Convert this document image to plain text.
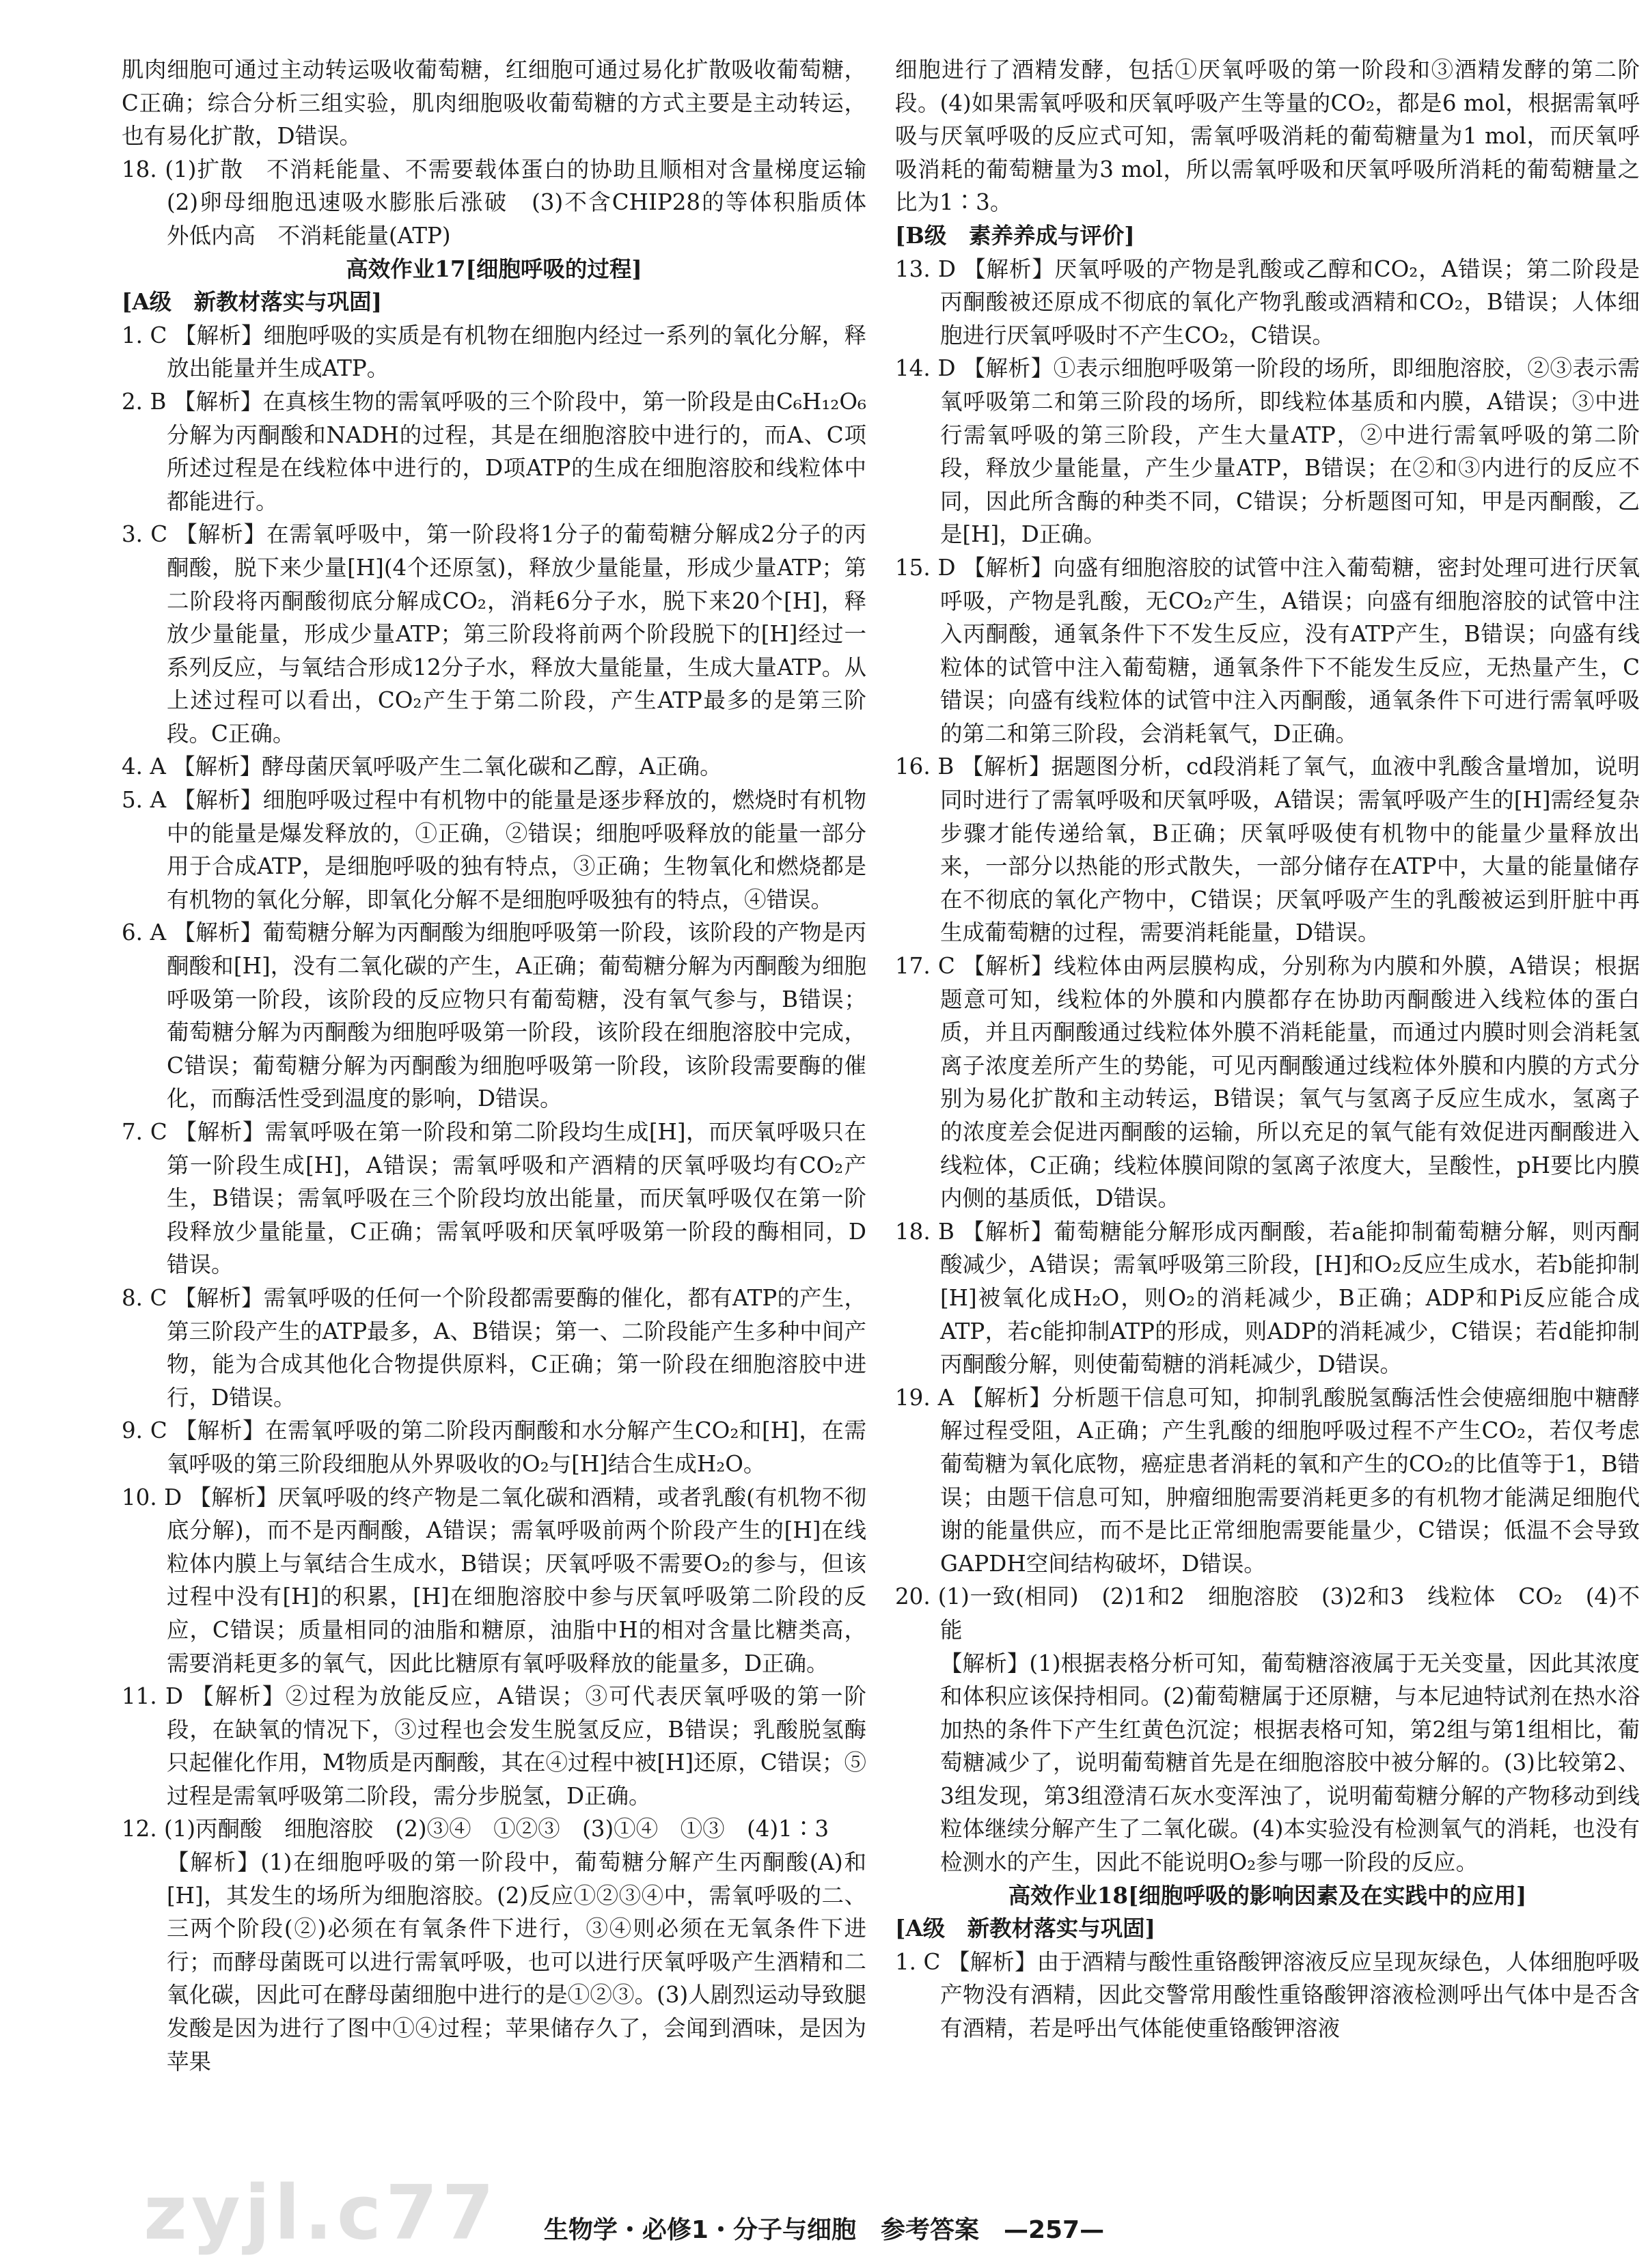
肌肉细胞可通过主动转运吸收葡萄糖，红细胞可通过易化扩散吸收葡萄糖，C正确；综合分析三组实验，肌肉细胞吸收葡萄糖的方式主要是主动转运，也有易化扩散，D错误。

18. (1)扩散　不消耗能量、不需要载体蛋白的协助且顺相对含量梯度运输　(2)卵母细胞迅速吸水膨胀后涨破　(3)不含CHIP28的等体积脂质体　外低内高　不消耗能量(ATP)

高效作业17[细胞呼吸的过程]

[A级　新教材落实与巩固]

1. C 【解析】细胞呼吸的实质是有机物在细胞内经过一系列的氧化分解，释放出能量并生成ATP。

2. B 【解析】在真核生物的需氧呼吸的三个阶段中，第一阶段是由C₆H₁₂O₆分解为丙酮酸和NADH的过程，其是在细胞溶胶中进行的，而A、C项所述过程是在线粒体中进行的，D项ATP的生成在细胞溶胶和线粒体中都能进行。

3. C 【解析】在需氧呼吸中，第一阶段将1分子的葡萄糖分解成2分子的丙酮酸，脱下来少量[H](4个还原氢)，释放少量能量，形成少量ATP；第二阶段将丙酮酸彻底分解成CO₂，消耗6分子水，脱下来20个[H]，释放少量能量，形成少量ATP；第三阶段将前两个阶段脱下的[H]经过一系列反应，与氧结合形成12分子水，释放大量能量，生成大量ATP。从上述过程可以看出，CO₂产生于第二阶段，产生ATP最多的是第三阶段。C正确。

4. A 【解析】酵母菌厌氧呼吸产生二氧化碳和乙醇，A正确。

5. A 【解析】细胞呼吸过程中有机物中的能量是逐步释放的，燃烧时有机物中的能量是爆发释放的，①正确，②错误；细胞呼吸释放的能量一部分用于合成ATP，是细胞呼吸的独有特点，③正确；生物氧化和燃烧都是有机物的氧化分解，即氧化分解不是细胞呼吸独有的特点，④错误。

6. A 【解析】葡萄糖分解为丙酮酸为细胞呼吸第一阶段，该阶段的产物是丙酮酸和[H]，没有二氧化碳的产生，A正确；葡萄糖分解为丙酮酸为细胞呼吸第一阶段，该阶段的反应物只有葡萄糖，没有氧气参与，B错误；葡萄糖分解为丙酮酸为细胞呼吸第一阶段，该阶段在细胞溶胶中完成，C错误；葡萄糖分解为丙酮酸为细胞呼吸第一阶段，该阶段需要酶的催化，而酶活性受到温度的影响，D错误。

7. C 【解析】需氧呼吸在第一阶段和第二阶段均生成[H]，而厌氧呼吸只在第一阶段生成[H]，A错误；需氧呼吸和产酒精的厌氧呼吸均有CO₂产生，B错误；需氧呼吸在三个阶段均放出能量，而厌氧呼吸仅在第一阶段释放少量能量，C正确；需氧呼吸和厌氧呼吸第一阶段的酶相同，D错误。

8. C 【解析】需氧呼吸的任何一个阶段都需要酶的催化，都有ATP的产生，第三阶段产生的ATP最多，A、B错误；第一、二阶段能产生多种中间产物，能为合成其他化合物提供原料，C正确；第一阶段在细胞溶胶中进行，D错误。

9. C 【解析】在需氧呼吸的第二阶段丙酮酸和水分解产生CO₂和[H]，在需氧呼吸的第三阶段细胞从外界吸收的O₂与[H]结合生成H₂O。

10. D 【解析】厌氧呼吸的终产物是二氧化碳和酒精，或者乳酸(有机物不彻底分解)，而不是丙酮酸，A错误；需氧呼吸前两个阶段产生的[H]在线粒体内膜上与氧结合生成水，B错误；厌氧呼吸不需要O₂的参与，但该过程中没有[H]的积累，[H]在细胞溶胶中参与厌氧呼吸第二阶段的反应，C错误；质量相同的油脂和糖原，油脂中H的相对含量比糖类高，需要消耗更多的氧气，因此比糖原有氧呼吸释放的能量多，D正确。

11. D 【解析】②过程为放能反应，A错误；③可代表厌氧呼吸的第一阶段，在缺氧的情况下，③过程也会发生脱氢反应，B错误；乳酸脱氢酶只起催化作用，M物质是丙酮酸，其在④过程中被[H]还原，C错误；⑤过程是需氧呼吸第二阶段，需分步脱氢，D正确。

12. (1)丙酮酸　细胞溶胶　(2)③④　①②③　(3)①④　①③　(4)1∶3

【解析】(1)在细胞呼吸的第一阶段中，葡萄糖分解产生丙酮酸(A)和[H]，其发生的场所为细胞溶胶。(2)反应①②③④中，需氧呼吸的二、三两个阶段(②)必须在有氧条件下进行，③④则必须在无氧条件下进行；而酵母菌既可以进行需氧呼吸，也可以进行厌氧呼吸产生酒精和二氧化碳，因此可在酵母菌细胞中进行的是①②③。(3)人剧烈运动导致腿发酸是因为进行了图中①④过程；苹果储存久了，会闻到酒味，是因为苹果

细胞进行了酒精发酵，包括①厌氧呼吸的第一阶段和③酒精发酵的第二阶段。(4)如果需氧呼吸和厌氧呼吸产生等量的CO₂，都是6 mol，根据需氧呼吸与厌氧呼吸的反应式可知，需氧呼吸消耗的葡萄糖量为1 mol，而厌氧呼吸消耗的葡萄糖量为3 mol，所以需氧呼吸和厌氧呼吸所消耗的葡萄糖量之比为1∶3。

[B级　素养养成与评价]

13. D 【解析】厌氧呼吸的产物是乳酸或乙醇和CO₂，A错误；第二阶段是丙酮酸被还原成不彻底的氧化产物乳酸或酒精和CO₂，B错误；人体细胞进行厌氧呼吸时不产生CO₂，C错误。

14. D 【解析】①表示细胞呼吸第一阶段的场所，即细胞溶胶，②③表示需氧呼吸第二和第三阶段的场所，即线粒体基质和内膜，A错误；③中进行需氧呼吸的第三阶段，产生大量ATP，②中进行需氧呼吸的第二阶段，释放少量能量，产生少量ATP，B错误；在②和③内进行的反应不同，因此所含酶的种类不同，C错误；分析题图可知，甲是丙酮酸，乙是[H]，D正确。

15. D 【解析】向盛有细胞溶胶的试管中注入葡萄糖，密封处理可进行厌氧呼吸，产物是乳酸，无CO₂产生，A错误；向盛有细胞溶胶的试管中注入丙酮酸，通氧条件下不发生反应，没有ATP产生，B错误；向盛有线粒体的试管中注入葡萄糖，通氧条件下不能发生反应，无热量产生，C错误；向盛有线粒体的试管中注入丙酮酸，通氧条件下可进行需氧呼吸的第二和第三阶段，会消耗氧气，D正确。

16. B 【解析】据题图分析，cd段消耗了氧气，血液中乳酸含量增加，说明同时进行了需氧呼吸和厌氧呼吸，A错误；需氧呼吸产生的[H]需经复杂步骤才能传递给氧，B正确；厌氧呼吸使有机物中的能量少量释放出来，一部分以热能的形式散失，一部分储存在ATP中，大量的能量储存在不彻底的氧化产物中，C错误；厌氧呼吸产生的乳酸被运到肝脏中再生成葡萄糖的过程，需要消耗能量，D错误。

17. C 【解析】线粒体由两层膜构成，分别称为内膜和外膜，A错误；根据题意可知，线粒体的外膜和内膜都存在协助丙酮酸进入线粒体的蛋白质，并且丙酮酸通过线粒体外膜不消耗能量，而通过内膜时则会消耗氢离子浓度差所产生的势能，可见丙酮酸通过线粒体外膜和内膜的方式分别为易化扩散和主动转运，B错误；氧气与氢离子反应生成水，氢离子的浓度差会促进丙酮酸的运输，所以充足的氧气能有效促进丙酮酸进入线粒体，C正确；线粒体膜间隙的氢离子浓度大，呈酸性，pH要比内膜内侧的基质低，D错误。

18. B 【解析】葡萄糖能分解形成丙酮酸，若a能抑制葡萄糖分解，则丙酮酸减少，A错误；需氧呼吸第三阶段，[H]和O₂反应生成水，若b能抑制[H]被氧化成H₂O，则O₂的消耗减少，B正确；ADP和Pi反应能合成ATP，若c能抑制ATP的形成，则ADP的消耗减少，C错误；若d能抑制丙酮酸分解，则使葡萄糖的消耗减少，D错误。

19. A 【解析】分析题干信息可知，抑制乳酸脱氢酶活性会使癌细胞中糖酵解过程受阻，A正确；产生乳酸的细胞呼吸过程不产生CO₂，若仅考虑葡萄糖为氧化底物，癌症患者消耗的氧和产生的CO₂的比值等于1，B错误；由题干信息可知，肿瘤细胞需要消耗更多的有机物才能满足细胞代谢的能量供应，而不是比正常细胞需要能量少，C错误；低温不会导致GAPDH空间结构破坏，D错误。

20. (1)一致(相同)　(2)1和2　细胞溶胶　(3)2和3　线粒体　CO₂　(4)不能

【解析】(1)根据表格分析可知，葡萄糖溶液属于无关变量，因此其浓度和体积应该保持相同。(2)葡萄糖属于还原糖，与本尼迪特试剂在热水浴加热的条件下产生红黄色沉淀；根据表格可知，第2组与第1组相比，葡萄糖减少了，说明葡萄糖首先是在细胞溶胶中被分解的。(3)比较第2、3组发现，第3组澄清石灰水变浑浊了，说明葡萄糖分解的产物移动到线粒体继续分解产生了二氧化碳。(4)本实验没有检测氧气的消耗，也没有检测水的产生，因此不能说明O₂参与哪一阶段的反应。

高效作业18[细胞呼吸的影响因素及在实践中的应用]

[A级　新教材落实与巩固]

1. C 【解析】由于酒精与酸性重铬酸钾溶液反应呈现灰绿色，人体细胞呼吸产物没有酒精，因此交警常用酸性重铬酸钾溶液检测呼出气体中是否含有酒精，若是呼出气体能使重铬酸钾溶液

zyjl.c77	生物学・必修1・分子与细胞　参考答案　—257—
